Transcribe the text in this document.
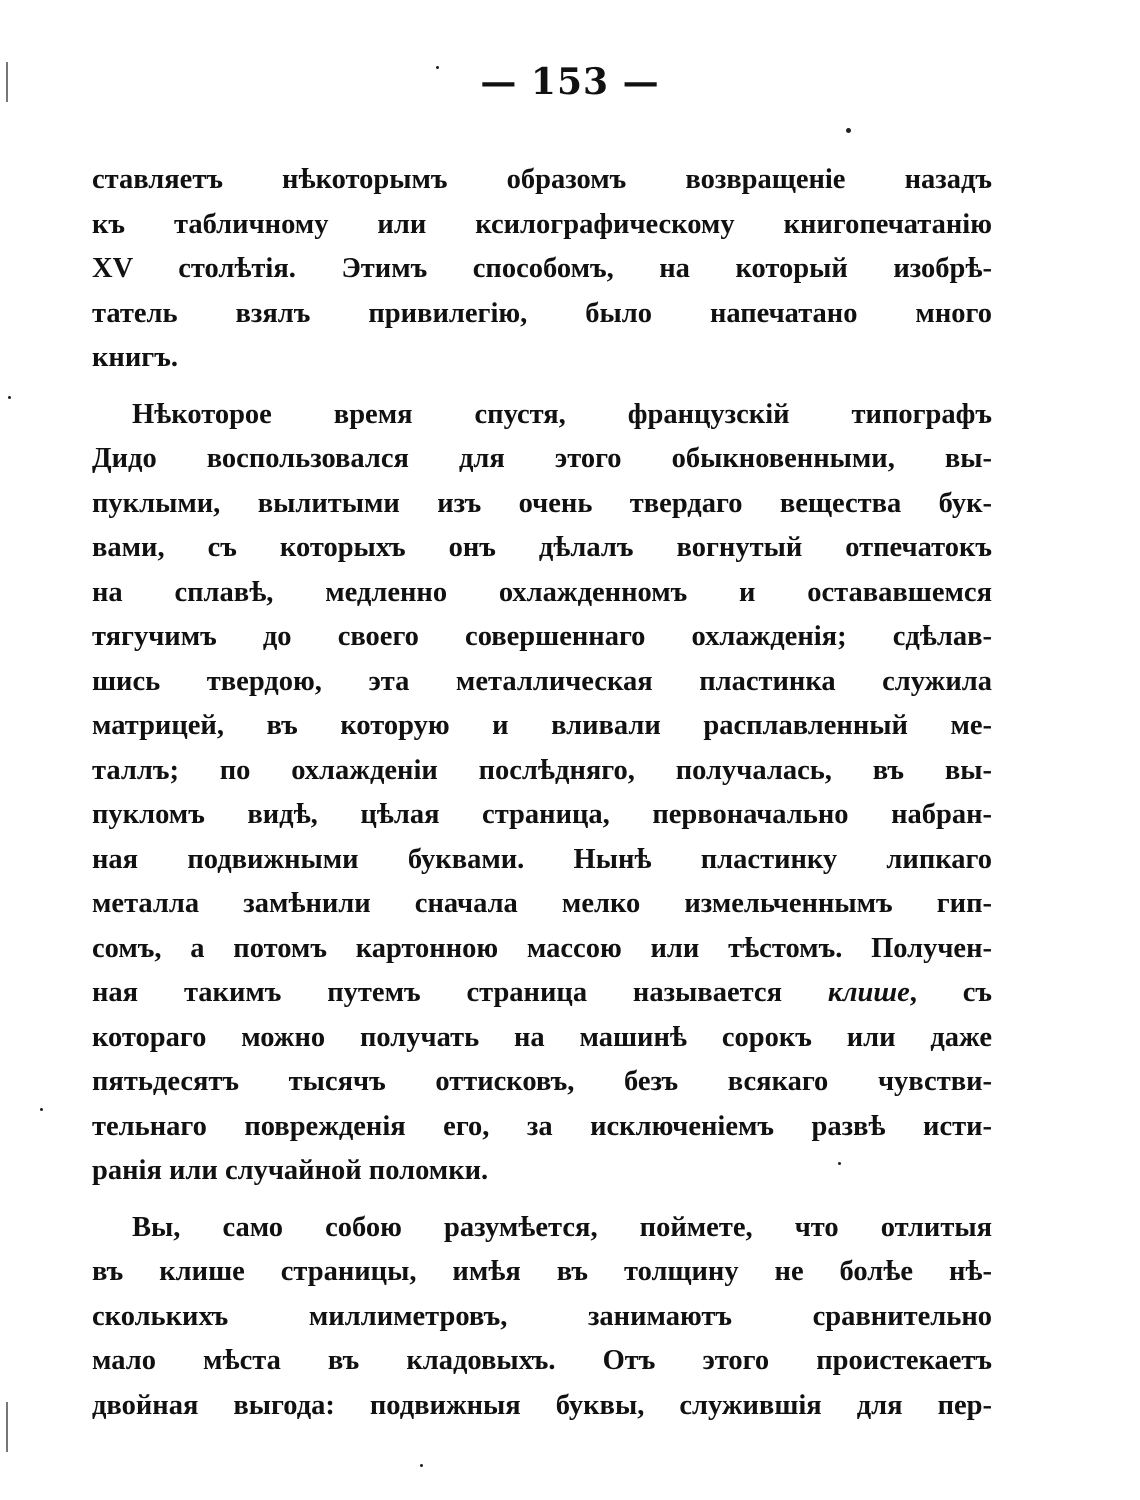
— 153 —
ставляетъ нѣкоторымъ образомъ возвращеніе назадъ
къ табличному или ксилографическому книгопечатанію
XV столѣтія. Этимъ способомъ, на который изобрѣ-
татель взялъ привилегію, было напечатано много
книгъ.
Нѣкоторое время спустя, французскій типографъ
Дидо воспользовался для этого обыкновенными, вы-
пуклыми, вылитыми изъ очень твердаго вещества бук-
вами, съ которыхъ онъ дѣлалъ вогнутый отпечатокъ
на сплавѣ, медленно охлажденномъ и остававшемся
тягучимъ до своего совершеннаго охлажденія; сдѣлав-
шись твердою, эта металлическая пластинка служила
матрицей, въ которую и вливали расплавленный ме-
таллъ; по охлажденіи послѣдняго, получалась, въ вы-
пукломъ видѣ, цѣлая страница, первоначально набран-
ная подвижными буквами. Нынѣ пластинку липкаго
металла замѣнили сначала мелко измельченнымъ гип-
сомъ, а потомъ картонною массою или тѣстомъ. Получен-
ная такимъ путемъ страница называется клише, съ
котораго можно получать на машинѣ сорокъ или даже
пятьдесятъ тысячъ оттисковъ, безъ всякаго чувстви-
тельнаго поврежденія его, за исключеніемъ развѣ исти-
ранія или случайной поломки.
Вы, само собою разумѣется, поймете, что отлитыя
въ клише страницы, имѣя въ толщину не болѣе нѣ-
сколькихъ миллиметровъ, занимаютъ сравнительно
мало мѣста въ кладовыхъ. Отъ этого проистекаетъ
двойная выгода: подвижныя буквы, служившія для пер-
